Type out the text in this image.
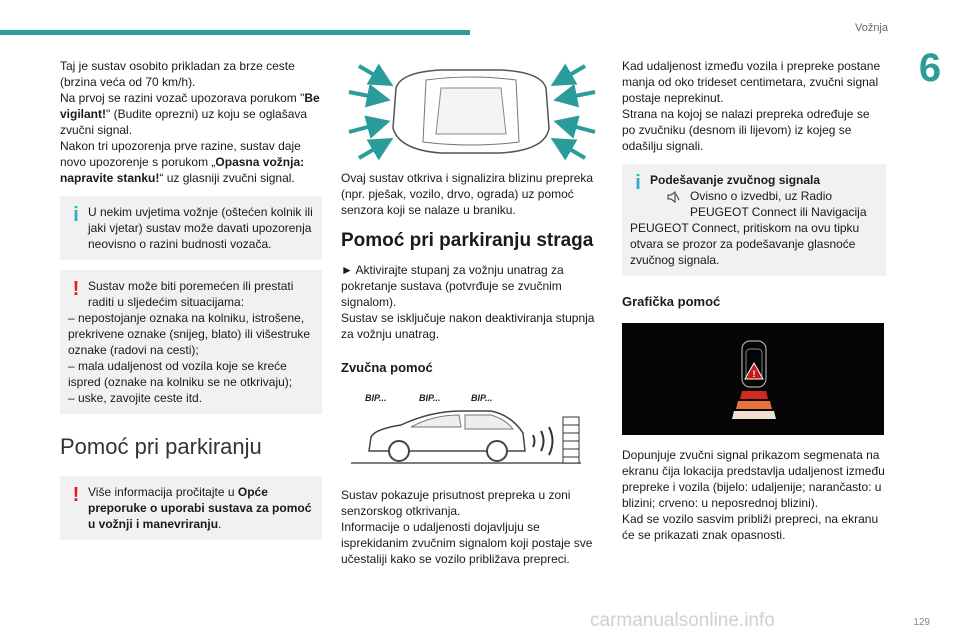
Vožnja
6

Taj je sustav osobito prikladan za brze ceste (brzina veća od 70 km/h).

Na prvoj se razini vozač upozorava porukom "Be vigilant!" (Budite oprezni) uz koju se oglašava zvučni signal.

Nakon tri upozorenja prve razine, sustav daje novo upozorenje s porukom „Opasna vožnja: napravite stanku!“ uz glasniji zvučni signal.

i U nekim uvjetima vožnje (oštećen kolnik ili jaki vjetar) sustav može davati upozorenja neovisno o razini budnosti vozača.
! Sustav može biti poremećen ili prestati raditi u sljedećim situacijama:
– nepostojanje oznaka na kolniku, istrošene, prekrivene oznake (snijeg, blato) ili višestruke oznake (radovi na cesti);
– mala udaljenost od vozila koje se kreće ispred (oznake na kolniku se ne otkrivaju);
– uske, zavojite ceste itd.
Pomoć pri parkiranju
! Više informacija pročitajte u Opće preporuke o uporabi sustava za pomoć u vožnji i manevriranju.

Ovaj sustav otkriva i signalizira blizinu prepreka (npr. pješak, vozilo, drvo, ograda) uz pomoć senzora koji se nalaze u braniku.

Pomoć pri parkiranju straga

► Aktivirajte stupanj za vožnju unatrag za pokretanje sustava (potvrđuje se zvučnim signalom).

Sustav se isključuje nakon deaktiviranja stupnja za vožnju unatrag.

Zvučna pomoć
BIP...	BIP...	BIP...

Sustav pokazuje prisutnost prepreka u zoni senzorskog otkrivanja.

Informacije o udaljenosti dojavljuju se isprekidanim zvučnim signalom koji postaje sve učestaliji kako se vozilo približava prepreci.

Kad udaljenost između vozila i prepreke postane manja od oko trideset centimetara, zvučni signal postaje neprekinut.

Strana na kojoj se nalazi prepreka određuje se po zvučniku (desnom ili lijevom) iz kojeg se odašilju signali.

i Podešavanje zvučnog signala
Ovisno o izvedbi, uz Radio PEUGEOT Connect ili Navigacija
PEUGEOT Connect, pritiskom na ovu tipku otvara se prozor za podešavanje glasnoće zvučnog signala.
Grafička pomoć
!

Dopunjuje zvučni signal prikazom segmenata na ekranu čija lokacija predstavlja udaljenost između prepreke i vozila (bijelo: udaljenije; narančasto: u blizini; crveno: u neposrednoj blizini).

Kad se vozilo sasvim približi prepreci, na ekranu će se prikazati znak opasnosti.

carmanualsonline.info	129
